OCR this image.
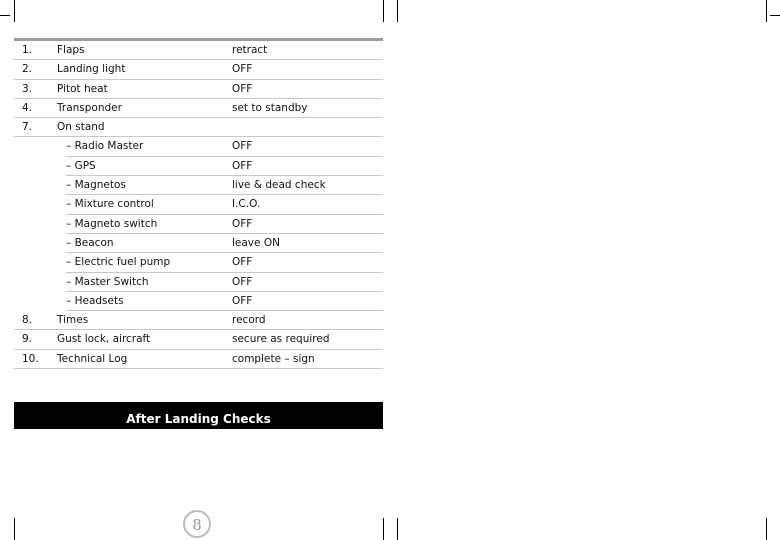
1. Flaps	retract
2. Landing light	OFF
3. Pitot heat	OFF
4. Transponder	set to standby
7. On stand
– Radio Master	OFF
– GPS	OFF
– Magnetos	live & dead check
– Mixture control	I.C.O.
– Magneto switch	OFF
– Beacon	leave ON
– Electric fuel pump	OFF
– Master Switch	OFF
– Headsets	OFF
8. Times	record
9. Gust lock, aircraft	secure as required
10. Technical Log	complete – sign
After Landing Checks
8
